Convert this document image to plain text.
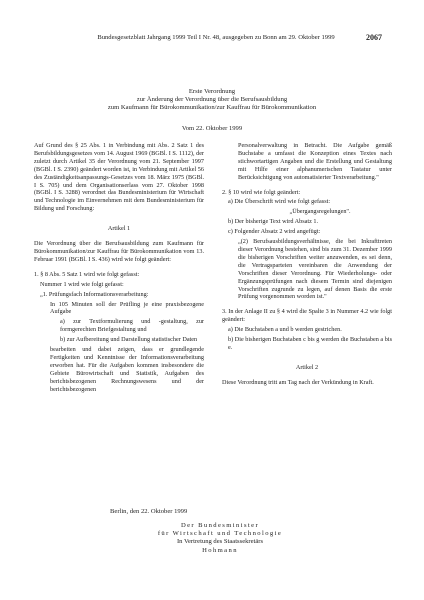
Bundesgesetzblatt Jahrgang 1999 Teil I Nr. 48, ausgegeben zu Bonn am 29. Oktober 1999	2067
Erste Verordnung
zur Änderung der Verordnung über die Berufsausbildung
zum Kaufmann für Bürokommunikation/zur Kauffrau für Bürokommunikation
Vom 22. Oktober 1999

Auf Grund des § 25 Abs. 1 in Verbindung mit Abs. 2 Satz 1 des Berufsbildungsgesetzes vom 14. August 1969 (BGBl. I S. 1112), der zuletzt durch Artikel 35 der Verordnung vom 21. September 1997 (BGBl. I S. 2390) geändert worden ist, in Verbindung mit Artikel 56 des Zuständigkeitsanpassungs-Gesetzes vom 18. März 1975 (BGBl. I S. 705) und dem Organisationserlass vom 27. Oktober 1998 (BGBl. I S. 3288) verordnet das Bundesministerium für Wirtschaft und Technologie im Einvernehmen mit dem Bundesministerium für Bildung und Forschung:

Artikel 1

Die Verordnung über die Berufsausbildung zum Kaufmann für Bürokommunikation/zur Kauffrau für Bürokommunikation vom 13. Februar 1991 (BGBl. I S. 436) wird wie folgt geändert:

1. § 8 Abs. 5 Satz 1 wird wie folgt gefasst:

Nummer 1 wird wie folgt gefasst:

„1. Prüfungsfach Informationsverarbeitung:

In 105 Minuten soll der Prüfling je eine praxisbezogene Aufgabe

a) zur Textformulierung und -gestaltung, zur formgerechten Briefgestaltung und

b) zur Aufbereitung und Darstellung statistischer Daten

bearbeiten und dabei zeigen, dass er grundlegende Fertigkeiten und Kenntnisse der Informationsverarbeitung erworben hat. Für die Aufgaben kommen insbesondere die Gebiete Bürowirtschaft und Statistik, Aufgaben des berichtsbezogenen Rechnungswesens und der berichtsbezogenen

Personalverwaltung in Betracht. Die Aufgabe gemäß Buchstabe a umfasst die Konzeption eines Textes nach stichwortartigen Angaben und die Erstellung und Gestaltung mit Hilfe einer alphanumerischen Tastatur unter Berücksichtigung von automatisierter Textverarbeitung."

2. § 10 wird wie folgt geändert:

a) Die Überschrift wird wie folgt gefasst:

„Übergangsregelungen".

b) Der bisherige Text wird Absatz 1.

c) Folgender Absatz 2 wird angefügt:

„(2) Berufsausbildungsverhältnisse, die bei Inkrafttreten dieser Verordnung bestehen, sind bis zum 31. Dezember 1999 die bisherigen Vorschriften weiter anzuwenden, es sei denn, die Vertragsparteien vereinbaren die Anwendung der Vorschriften dieser Verordnung. Für Wiederholungs- oder Ergänzungsprüfungen nach diesem Termin sind diejenigen Vorschriften zugrunde zu legen, auf denen Basis die erste Prüfung vorgenommen worden ist."

3. In der Anlage II zu § 4 wird die Spalte 3 in Nummer 4.2 wie folgt geändert:

a) Die Buchstaben a und b werden gestrichen.

b) Die bisherigen Buchstaben c bis g werden die Buchstaben a bis e.

Artikel 2

Diese Verordnung tritt am Tag nach der Verkündung in Kraft.

Berlin, den 22. Oktober 1999
Der Bundesminister
für Wirtschaft und Technologie
In Vertretung des Staatssekretärs
Hohmann
